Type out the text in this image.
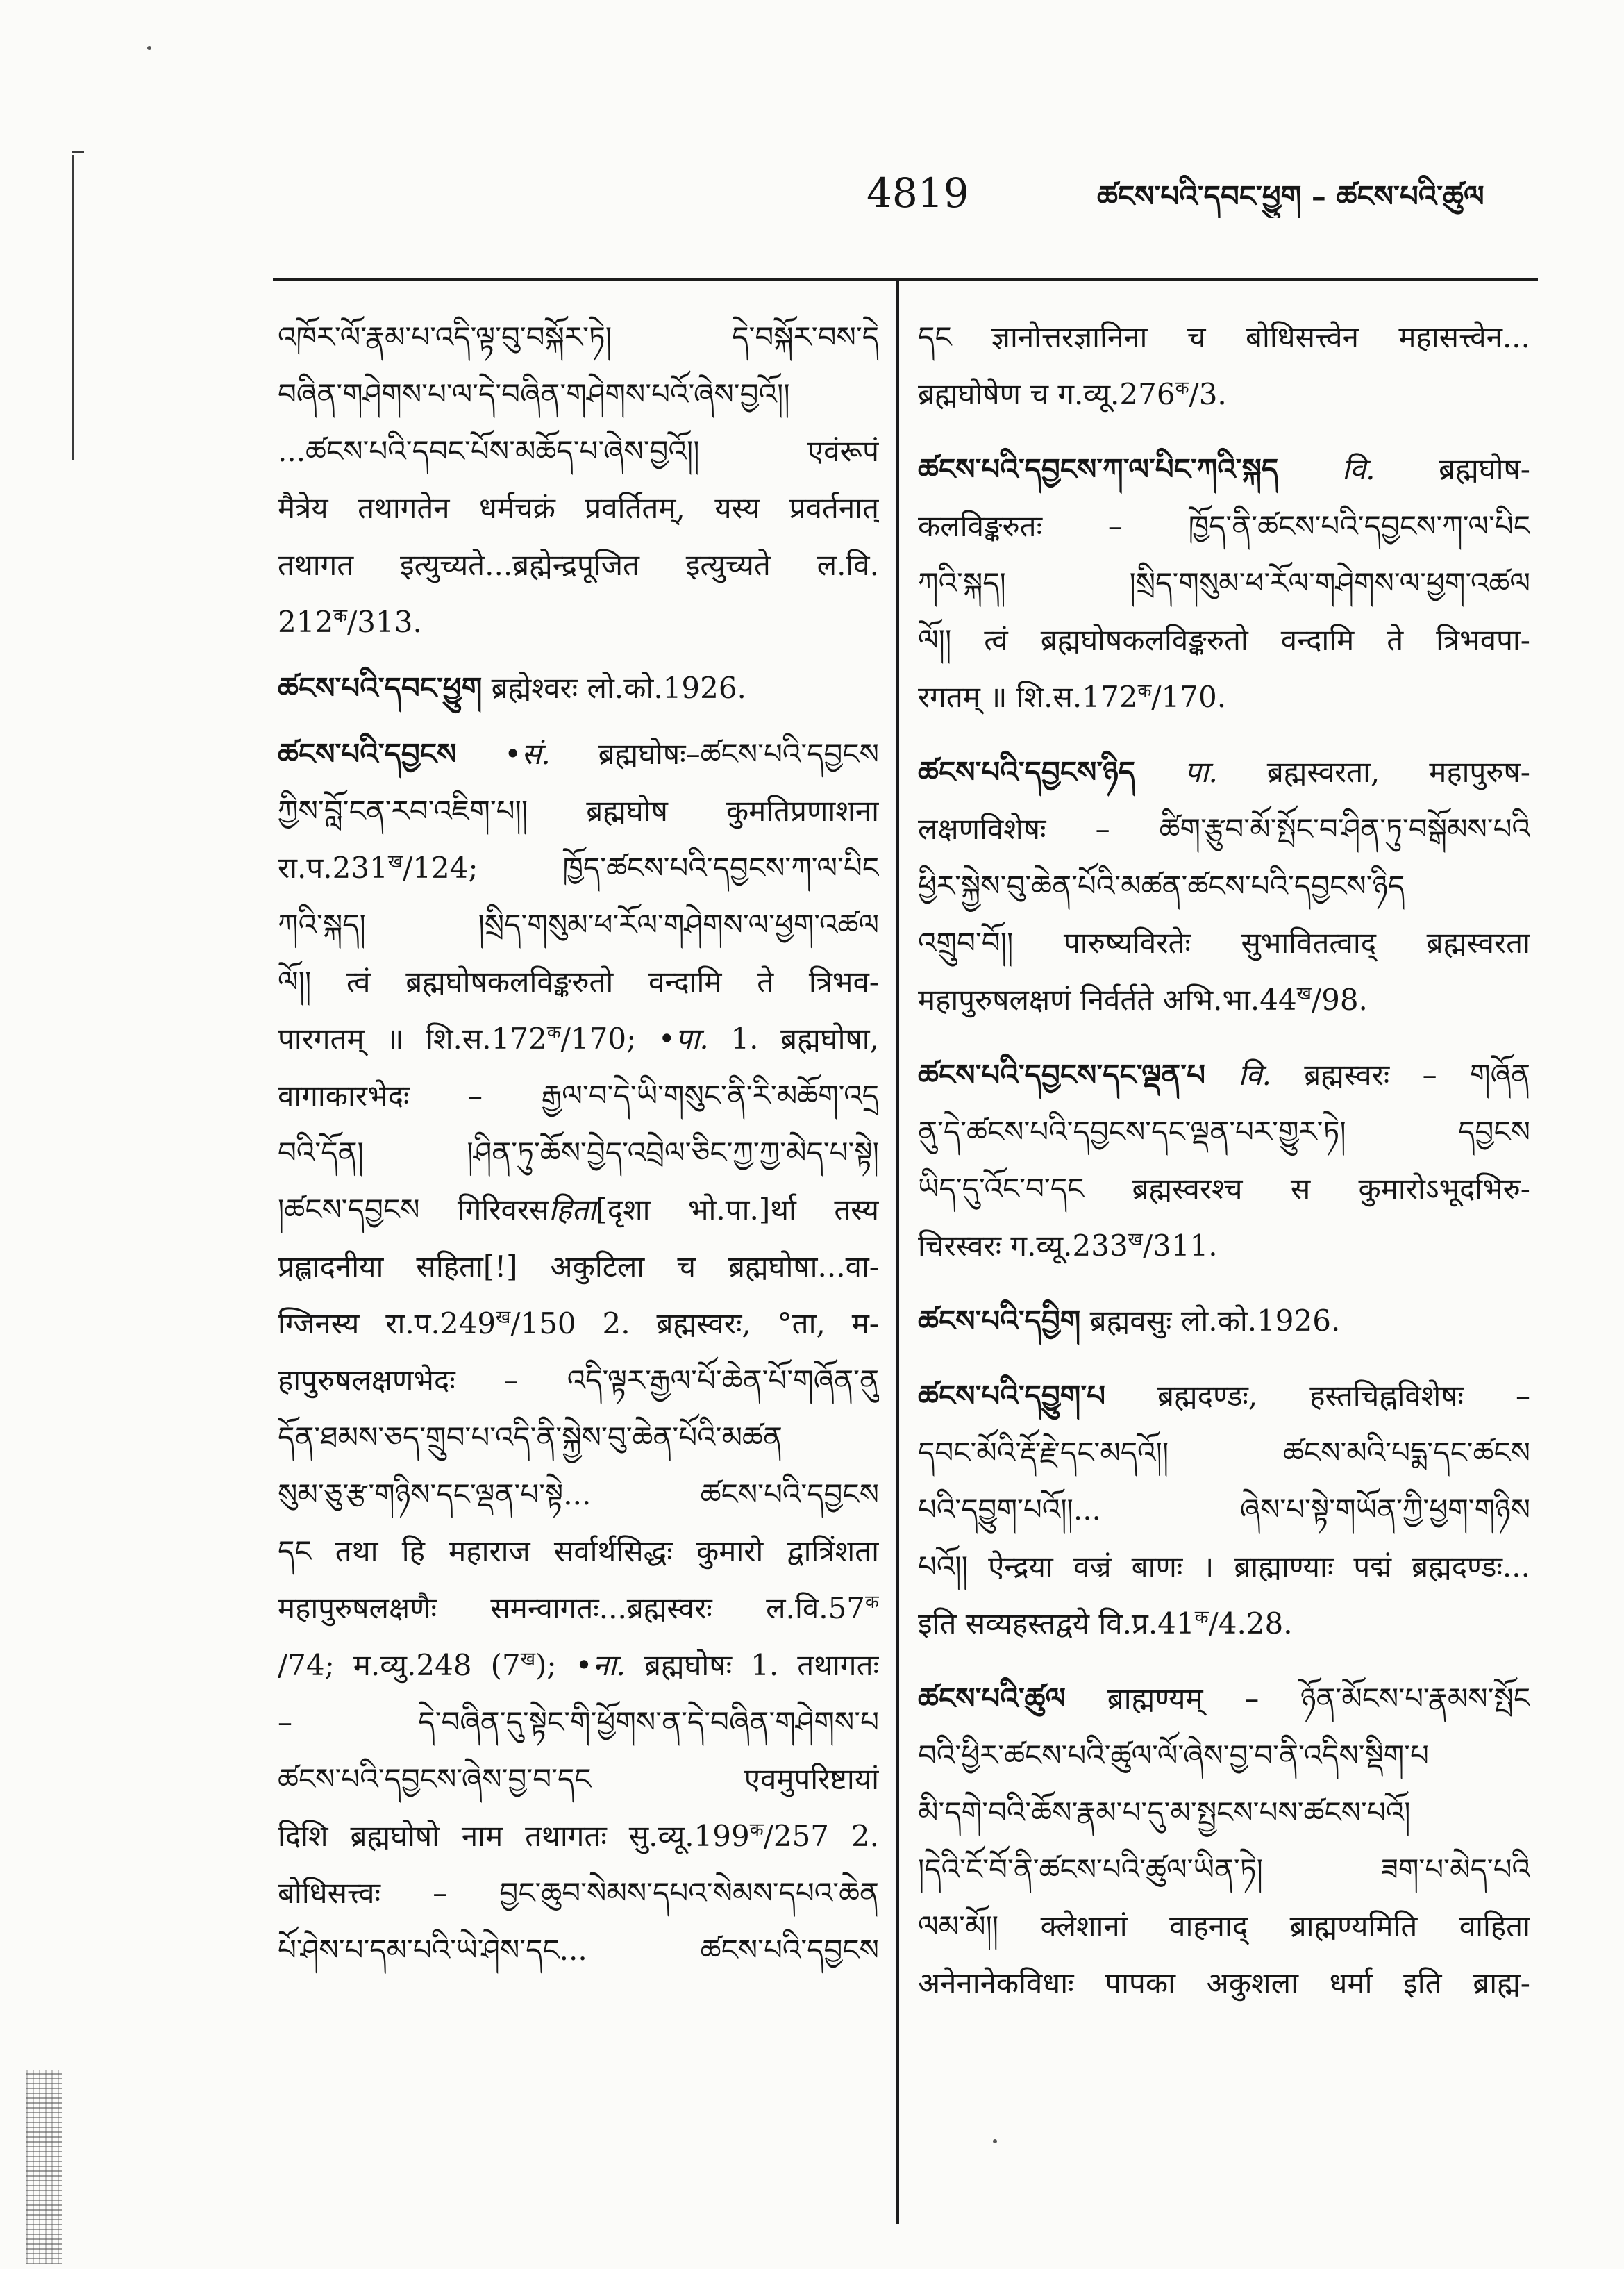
4819	ཚངས་པའི་དབང་ཕྱུག – ཚངས་པའི་ཚུལ
འཁོར་ལོ་རྣམ་པ་འདི་ལྟ་བུ་བསྐོར་ཏེ། དེ་བསྐོར་བས་དེ
བཞིན་གཤེགས་པ་ལ་དེ་བཞིན་གཤེགས་པའོ་ཞེས་བྱའོ།།
...ཚངས་པའི་དབང་པོས་མཆོད་པ་ཞེས་བྱའོ།། एवंरूपं
मैत्रेय तथागतेन धर्मचक्रं प्रवर्तितम्, यस्य प्रवर्तनात्
तथागत इत्युच्यते...ब्रह्मेन्द्रपूजित इत्युच्यते ल.वि.
$212^क/313$.
ཚངས་པའི་དབང་ཕྱུག ब्रह्मेश्वरः लो.को.1926.
ཚངས་པའི་དབྱངས •सं. ब्रह्मघोषः–ཚངས་པའི་དབྱངས
ཀྱིས་བློ་ངན་རབ་འཇིག་པ།། ब्रह्मघोष कुमतिप्रणाशना
$रा.प.231^ख/124$; ཁྱོད་ཚངས་པའི་དབྱངས་ཀ་ལ་པིང
ཀའི་སྐད། །སྲིད་གསུམ་ཕ་རོལ་གཤེགས་ལ་ཕྱག་འཚལ
ལོ།། त्वं ब्रह्मघोषकलविङ्करुतो वन्दामि ते त्रिभव-
पारगतम् ॥ $शि.स.172^क/170$; •पा. 1. ब्रह्मघोषा,
वागाकारभेदः – རྒྱལ་བ་དེ་ཡི་གསུང་ནི་རི་མཆོག་འདྲ
བའི་དོན། །ཤིན་ཏུ་ཆོས་བྱེད་འབྲེལ་ཅིང་ཀྱ་ཀྱ་མེད་པ་སྟེ།
།ཚངས་དབྱངས गिरिवरसहिता[दृशा भो.पा.]र्था तस्य
प्रह्लादनीया सहिता[!] अकुटिला च ब्रह्मघोषा...वा-
ग्जिनस्य $रा.प.249^ख/150$ 2. ब्रह्मस्वरः, °ता, म-
हापुरुषलक्षणभेदः – འདི་ལྟར་རྒྱལ་པོ་ཆེན་པོ་གཞོན་ནུ
དོན་ཐམས་ཅད་གྲུབ་པ་འདི་ནི་སྐྱེས་བུ་ཆེན་པོའི་མཚན
སུམ་ཅུ་རྩ་གཉིས་དང་ལྡན་པ་སྟེ... ཚངས་པའི་དབྱངས
དང तथा हि महाराज सर्वार्थसिद्धः कुमारो द्वात्रिंशता
महापुरुषलक्षणैः समन्वागतः...ब्रह्मस्वरः $ल.वि.57^क$
/74; म.व्यु.248 $(7^ख)$; •ना. ब्रह्मघोषः 1. तथागतः
– དེ་བཞིན་དུ་སྟེང་གི་ཕྱོགས་ན་དེ་བཞིན་གཤེགས་པ
ཚངས་པའི་དབྱངས་ཞེས་བྱ་བ་དང एवमुपरिष्टायां
दिशि ब्रह्मघोषो नाम तथागतः $सु.व्यू.199^क/257$ 2.
बोधिसत्त्वः – བྱང་ཆུབ་སེམས་དཔའ་སེམས་དཔའ་ཆེན
པོ་ཤེས་པ་དམ་པའི་ཡེ་ཤེས་དང... ཚངས་པའི་དབྱངས
དང ज्ञानोत्तरज्ञानिना च बोधिसत्त्वेन महासत्त्वेन...
ब्रह्मघोषेण च $ग.व्यू.276^क/3$.
ཚངས་པའི་དབྱངས་ཀ་ལ་པིང་ཀའི་སྐད वि. ब्रह्मघोष-
कलविङ्करुतः – ཁྱོད་ནི་ཚངས་པའི་དབྱངས་ཀ་ལ་པིང
ཀའི་སྐད། །སྲིད་གསུམ་ཕ་རོལ་གཤེགས་ལ་ཕྱག་འཚལ
ལོ།། त्वं ब्रह्मघोषकलविङ्करुतो वन्दामि ते त्रिभवपा-
रगतम् ॥ $शि.स.172^क/170$.
ཚངས་པའི་དབྱངས་ཉིད पा. ब्रह्मस्वरता, महापुरुष-
लक्षणविशेषः – ཚིག་རྩུབ་མོ་སྤོང་བ་ཤིན་ཏུ་བསྒོམས་པའི
ཕྱིར་སྐྱེས་བུ་ཆེན་པོའི་མཚན་ཚངས་པའི་དབྱངས་ཉིད
འགྲུབ་བོ།། पारुष्यविरतेः सुभावितत्वाद् ब्रह्मस्वरता
महापुरुषलक्षणं निर्वर्तते $अभि.भा.44^ख/98$.
ཚངས་པའི་དབྱངས་དང་ལྡན་པ वि. ब्रह्मस्वरः – གཞོན
ནུ་དེ་ཚངས་པའི་དབྱངས་དང་ལྡན་པར་གྱུར་ཏེ། དབྱངས
ཡིད་དུ་འོང་བ་དང ब्रह्मस्वरश्च स कुमारोऽभूदभिरु-
चिरस्वरः $ग.व्यू.233^ख/311$.
ཚངས་པའི་དབྱིག ब्रह्मवसुः लो.को.1926.
ཚངས་པའི་དབྱུག་པ ब्रह्मदण्डः, हस्तचिह्नविशेषः –
དབང་མོའི་རྡོ་རྗེ་དང་མདའོ།། ཚངས་མའི་པདྨ་དང་ཚངས
པའི་དབྱུག་པའོ།།... ཞེས་པ་སྟེ་གཡོན་ཀྱི་ཕྱག་གཉིས
པའོ།། ऐन्द्रया वज्रं बाणः । ब्राह्माण्याः पद्मं ब्रह्मदण्डः...
इति सव्यहस्तद्वये $वि.प्र.41^क/4.28$.
ཚངས་པའི་ཚུལ ब्राह्मण्यम् – ཉོན་མོངས་པ་རྣམས་སྤོང
བའི་ཕྱིར་ཚངས་པའི་ཚུལ་ལོ་ཞེས་བྱ་བ་ནི་འདིས་སྡིག་པ
མི་དགེ་བའི་ཆོས་རྣམ་པ་དུ་མ་སྤྱངས་པས་ཚངས་པའོ།
།དེའི་ངོ་བོ་ནི་ཚངས་པའི་ཚུལ་ཡིན་ཏེ། ཟག་པ་མེད་པའི
ལམ་མོ།། क्लेशानां वाहनाद् ब्राह्मण्यमिति वाहिता
अनेनानेकविधाः पापका अकुशला धर्मा इति ब्राह्म-
